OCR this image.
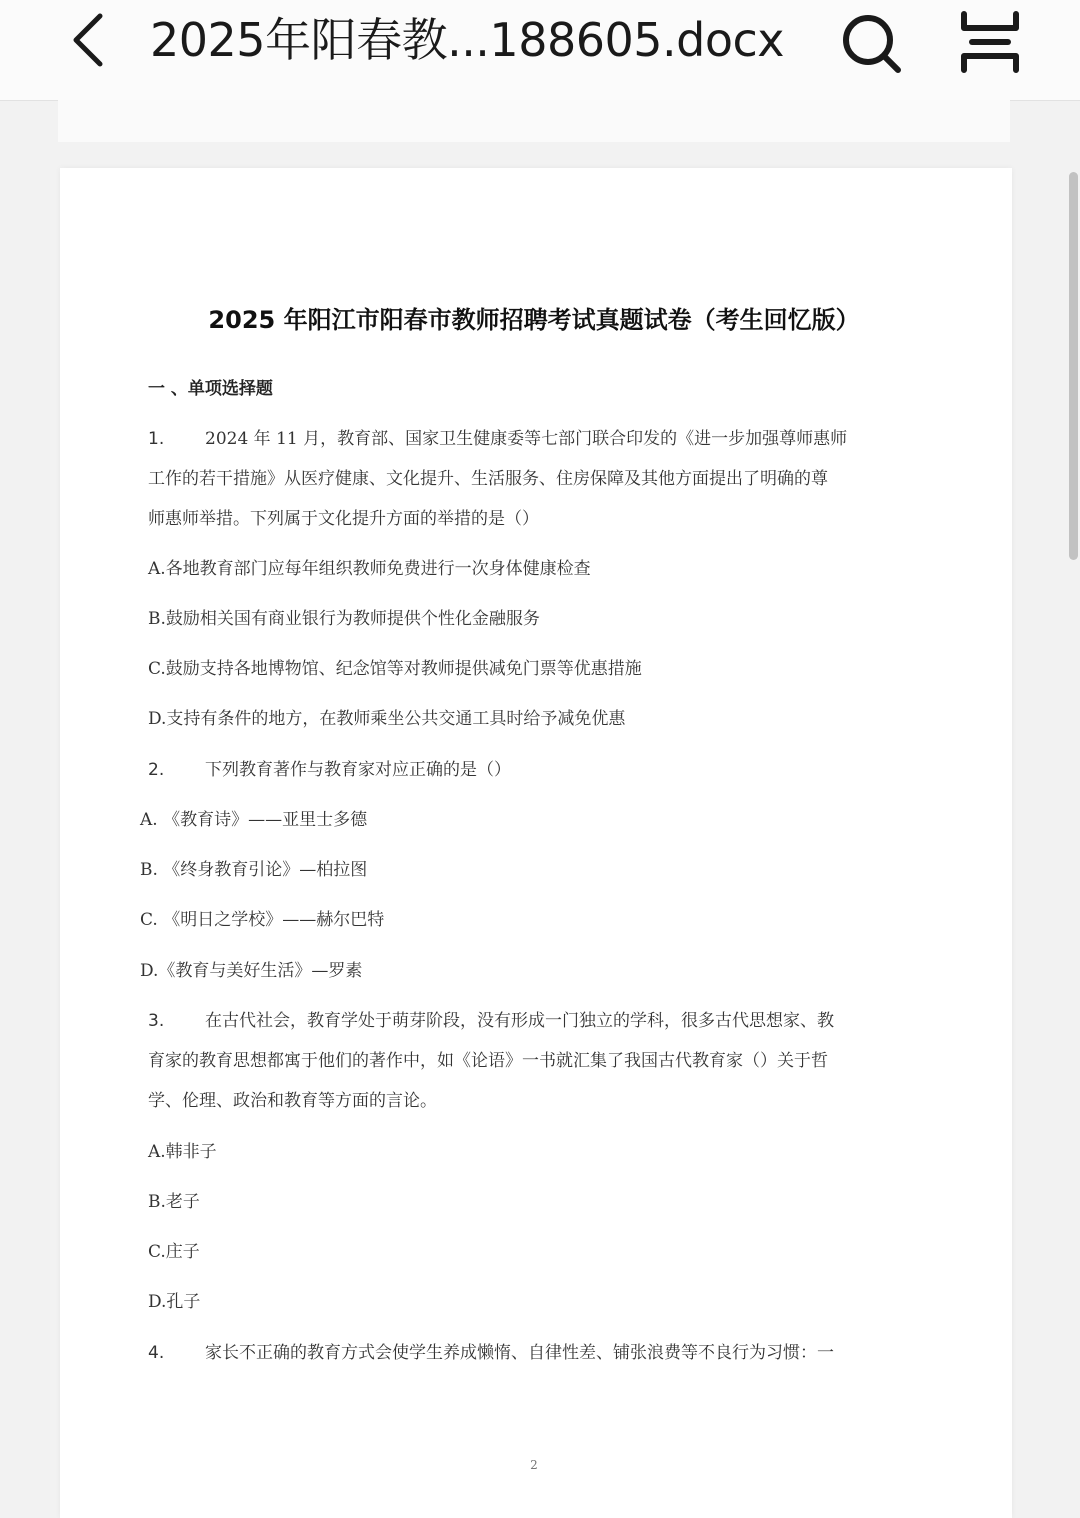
2025年阳春教...188605.docx
2025 年阳江市阳春市教师招聘考试真题试卷（考生回忆版）
一 、单项选择题
1. 2024 年 11 月，教育部、国家卫生健康委等七部门联合印发的《进一步加强尊师惠师
工作的若干措施》从医疗健康、文化提升、生活服务、住房保障及其他方面提出了明确的尊
师惠师举措。下列属于文化提升方面的举措的是（）
A.各地教育部门应每年组织教师免费进行一次身体健康检查
B.鼓励相关国有商业银行为教师提供个性化金融服务
C.鼓励支持各地博物馆、纪念馆等对教师提供减免门票等优惠措施
D.支持有条件的地方，在教师乘坐公共交通工具时给予减免优惠
2. 下列教育著作与教育家对应正确的是（）
A. 《教育诗》——亚里士多德
B. 《终身教育引论》—柏拉图
C. 《明日之学校》——赫尔巴特
D.《教育与美好生活》—罗素
3. 在古代社会，教育学处于萌芽阶段，没有形成一门独立的学科，很多古代思想家、教
育家的教育思想都寓于他们的著作中，如《论语》一书就汇集了我国古代教育家（）关于哲
学、伦理、政治和教育等方面的言论。
A.韩非子
B.老子
C.庄子
D.孔子
4. 家长不正确的教育方式会使学生养成懒惰、自律性差、铺张浪费等不良行为习惯：一
2
